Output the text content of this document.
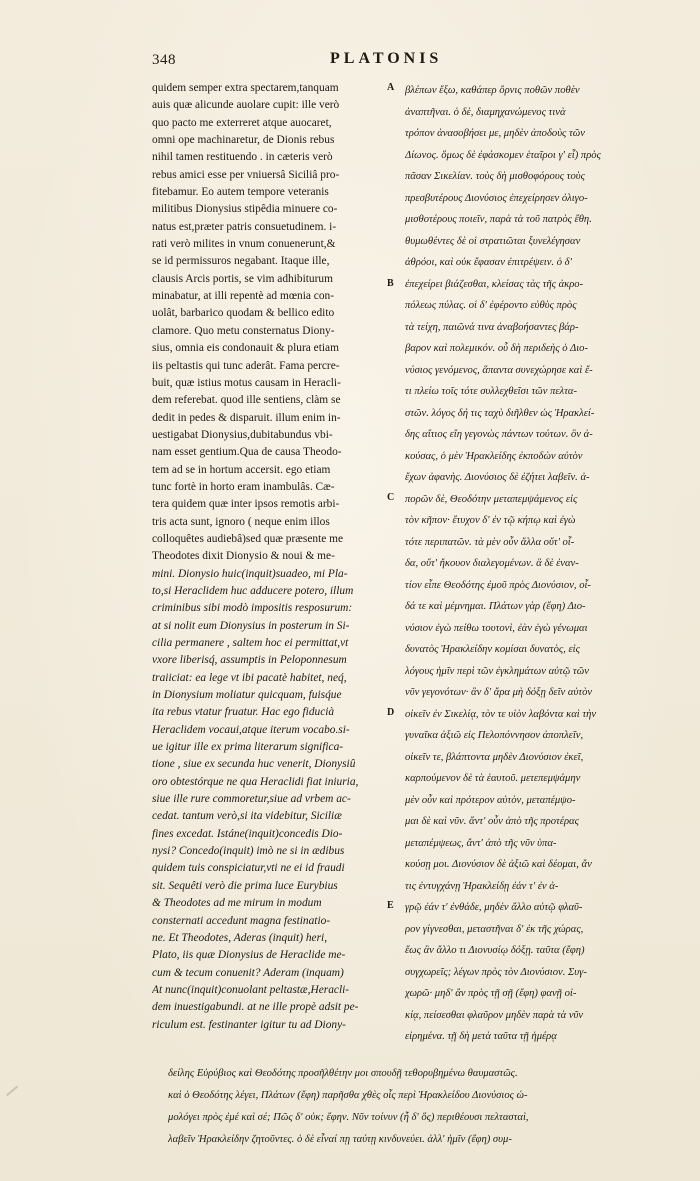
348	PLATONIS
quidem semper extra spectarem,tanquam
auis quæ alicunde auolare cupit: ille verò
quo pacto me exterreret atque auocaret,
omni ope machinaretur, de Dionis rebus
nihil tamen restituendo . in cæteris verò
rebus amici esse per vniuersâ Siciliâ pro-
fitebamur. Eo autem tempore veteranis
militibus Dionysius stipêdia minuere co-
natus est,præter patris consuetudinem. i-
rati verò milites in vnum conuenerunt,&
se id permissuros negabant. Itaque ille,
clausis Arcis portis, se vim adhibiturum
minabatur, at illi repentè ad mœnia con-
uolât, barbarico quodam & bellico edito
clamore. Quo metu consternatus Diony-
sius, omnia eis condonauit & plura etiam
iis peltastis qui tunc aderât. Fama percre-
buit, quæ istius motus causam in Heracli-
dem referebat. quod ille sentiens, clàm se
dedit in pedes & disparuit. illum enim in-
uestigabat Dionysius,dubitabundus vbi-
nam esset gentium.Qua de causa Theodo-
tem ad se in hortum accersit. ego etiam
tunc fortè in horto eram inambulâs. Cæ-
tera quidem quæ inter ipsos remotis arbi-
tris acta sunt, ignoro ( neque enim illos
colloquêtes audiebâ)sed quæ præsente me
Theodotes dixit Dionysio & noui & me-
mini. Dionysio huic(inquit)suadeo, mi Pla-
to,si Heraclidem huc adducere potero, illum
criminibus sibi modò impositis resposurum:
at si nolit eum Dionysius in posterum in Si-
cilia permanere , saltem hoc ei permittat,vt
vxore liberisq́, assumptis in Peloponnesum
traiiciat: ea lege vt ibi pacatè habitet, neq́,
in Dionysium moliatur quicquam, fuisq́ue
ita rebus vtatur fruatur. Hac ego fiducià
Heraclidem vocaui,atque iterum vocabo.si-
ue igitur ille ex prima literarum significa-
tione , siue ex secunda huc venerit, Dionysiû
oro obtestórque ne qua Heraclidi fiat iniuria,
siue ille rure commoretur,siue ad vrbem ac-
cedat. tantum verò,si ita videbitur, Siciliæ
fines excedat. Istáne(inquit)concedis Dio-
nysi? Concedo(inquit) imò ne si in ædibus
quidem tuis conspiciatur,vti ne ei id fraudi
sit. Sequêti verò die prima luce Eurybius
& Theodotes ad me mirum in modum
consternati accedunt magna festinatio-
ne. Et Theodotes, Aderas (inquit) heri,
Plato, iis quæ Dionysius de Heraclide me-
cum & tecum conuenit? Aderam (inquam)
At nunc(inquit)conuolant peltastæ,Heracli-
dem inuestigabundi. at ne ille propè adsit pe-
riculum est. festinanter igitur tu ad Diony-
A
B
C
D
E
βλέπων ἔξω, καθάπερ ὄρνις ποθῶν ποθὲν
ἀναπτῆναι. ὁ δὲ, διαμηχανώμενος τινὰ
τρόπον ἀνασοβήσει με, μηδὲν ἀποδοὺς τῶν
Δίωνος. ὅμως δὲ ἐφάσκομεν ἑταῖροι γ' εἶ) πρὸς
πᾶσαν Σικελίαν. τοὺς δὴ μισθοφόρους τοὺς
πρεσβυτέρους Διονύσιος ἐπεχείρησεν ὀλιγο-
μισθοτέρους ποιεῖν, παρὰ τὰ τοῦ πατρὸς ἔθη.
θυμωθέντες δὲ οἱ στρατιῶται ξυνελέγησαν
ἀθρόοι, καὶ οὐκ ἔφασαν ἐπιτρέψειν. ὁ δ'
ἐπεχείρει βιάζεσθαι, κλείσας τὰς τῆς ἀκρο-
πόλεως πύλας. οἱ δ' ἐφέροντο εὐθὺς πρὸς
τὰ τείχη, παιῶνά τινα ἀναβοήσαντες βάρ-
βαρον καὶ πολεμικόν. οὗ δὴ περιδεὴς ὁ Διο-
νύσιος γενόμενος, ἅπαντα συνεχώρησε καὶ ἔ-
τι πλείω τοῖς τότε συλλεχθεῖσι τῶν πελτα-
στῶν. λόγος δή τις ταχὺ διῆλθεν ὡς Ἡρακλεί-
δης αἴτιος εἴη γεγονὼς πάντων τούτων. ὃν ἀ-
κούσας, ὁ μὲν Ἡρακλείδης ἐκποδὼν αὐτὸν
ἔχων ἀφανὴς. Διονύσιος δὲ ἐζήτει λαβεῖν. ἀ-
πορῶν δὲ, Θεοδότην μεταπεμψάμενος εἰς
τὸν κῆπον· ἔτυχον δ' ἐν τῷ κήπῳ καὶ ἐγὼ
τότε περιπατῶν. τὰ μὲν οὖν ἄλλα οὔτ' οἶ-
δα, οὔτ' ἤκουον διαλεγομένων. ἃ δὲ ἐναν-
τίον εἶπε Θεοδότης ἐμοῦ πρὸς Διονύσιον, οἶ-
δά τε καὶ μέμνημαι. Πλάτων γὰρ (ἔφη) Διο-
νύσιον ἐγὼ πείθω τουτονὶ, ἐὰν ἐγὼ γένωμαι
δυνατὸς Ἡρακλείδην κομίσαι δυνατὸς, εἰς
λόγους ἡμῖν περὶ τῶν ἐγκλημάτων αὐτῷ τῶν
νῦν γεγονότων· ἂν δ' ἄρα μὴ δόξῃ δεῖν αὐτὸν
οἰκεῖν ἐν Σικελίᾳ, τὸν τε υἱὸν λαβόντα καὶ τὴν
γυναῖκα ἀξιῶ εἰς Πελοπόννησον ἀποπλεῖν,
οἰκεῖν τε, βλάπτοντα μηδὲν Διονύσιον ἐκεῖ,
καρπούμενον δὲ τὰ ἑαυτοῦ. μετεπεμψάμην
μὲν οὖν καὶ πρότερον αὐτὸν, μεταπέμψο-
μαι δὲ καὶ νῦν. ἄντ' οὖν ἀπὸ τῆς προτέρας
μεταπέμψεως, ἄντ' ἀπὸ τῆς νῦν ὑπα-
κούσῃ μοι. Διονύσιον δὲ ἀξιῶ καὶ δέομαι, ἄν
τις ἐντυγχάνῃ Ἡρακλείδῃ ἐάν τ' ἐν ἀ-
γρῷ ἐάν τ' ἐνθάδε, μηδὲν ἄλλο αὐτῷ φλαῦ-
ρον γίγνεσθαι, μεταστῆναι δ' ἐκ τῆς χώρας,
ἕως ἂν ἄλλο τι Διονυσίῳ δόξῃ. ταῦτα (ἔφη)
συγχωρεῖς; λέγων πρὸς τὸν Διονύσιον. Συγ-
χωρῶ· μηδ' ἂν πρὸς τῇ σῇ (ἔφη) φανῇ οἰ-
κίᾳ, πείσεσθαι φλαῦρον μηδὲν παρὰ τὰ νῦν
εἰρημένα. τῇ δὴ μετὰ ταῦτα τῇ ἡμέρᾳ
δείλης Εὐρύβιος καὶ Θεοδότης προσῆλθέτην μοι σπουδῇ τεθορυβημένω θαυμαστῶς.
καὶ ὁ Θεοδότης λέγει, Πλάτων (ἔφη) παρῆσθα χθὲς οἷς περὶ Ἡρακλείδου Διονύσιος ὡ-
μολόγει πρὸς ἐμέ καὶ σέ; Πῶς δ' οὐκ; ἔφην. Νῦν τοίνυν (ἦ δ' ὅς) περιθέουσι πελτασταὶ,
λαβεῖν Ἡρακλείδην ζητοῦντες. ὁ δὲ εἶναί πῃ ταύτῃ κινδυνεύει. ἀλλ' ἡμῖν (ἔφη) συμ-
